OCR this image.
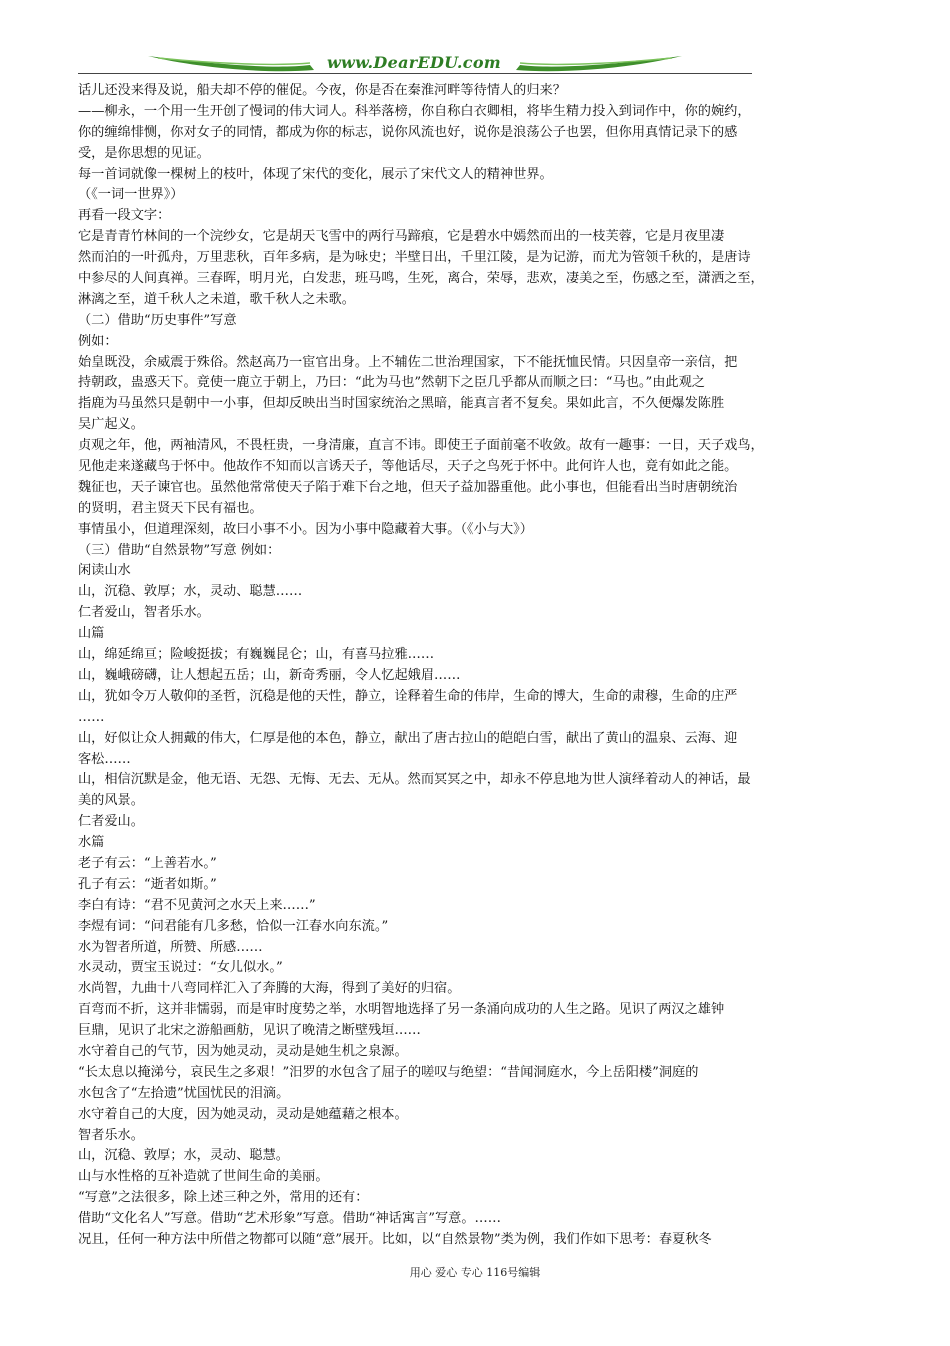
www.DearEDU.com
话儿还没来得及说，船夫却不停的催促。今夜，你是否在秦淮河畔等待情人的归来？
——柳永，一个用一生开创了慢词的伟大词人。科举落榜，你自称白衣卿相，将毕生精力投入到词作中，你的婉约，
你的缠绵悱恻，你对女子的同情，都成为你的标志，说你风流也好，说你是浪荡公子也罢，但你用真情记录下的感
受，是你思想的见证。
每一首词就像一棵树上的枝叶，体现了宋代的变化，展示了宋代文人的精神世界。
（《一词一世界》）
再看一段文字：
它是青青竹林间的一个浣纱女，它是胡天飞雪中的两行马蹄痕，它是碧水中嫣然而出的一枝芙蓉，它是月夜里凄
然而泊的一叶孤舟，万里悲秋，百年多病，是为咏史；半壁日出，千里江陵，是为记游，而尤为管领千秋的，是唐诗
中参尽的人间真禅。三春晖，明月光，白发悲，班马鸣，生死，离合，荣辱，悲欢，凄美之至，伤感之至，潇洒之至，
淋漓之至，道千秋人之未道，歌千秋人之未歌。
（二）借助“历史事件”写意
例如：
始皇既没，余威震于殊俗。然赵高乃一宦官出身。上不辅佐二世治理国家，下不能抚恤民情。只因皇帝一亲信，把
持朝政，蛊惑天下。竟使一鹿立于朝上，乃曰：“此为马也”然朝下之臣几乎都从而顺之曰：“马也。”由此观之
指鹿为马虽然只是朝中一小事，但却反映出当时国家统治之黑暗，能真言者不复矣。果如此言，不久便爆发陈胜
吴广起义。
贞观之年，他，两袖清风，不畏枉贵，一身清廉，直言不讳。即使王子面前毫不收敛。故有一趣事：一日，天子戏鸟，
见他走来遂藏鸟于怀中。他故作不知而以言诱天子，等他话尽，天子之鸟死于怀中。此何许人也，竟有如此之能。
魏征也，天子谏官也。虽然他常常使天子陷于难下台之地，但天子益加器重他。此小事也，但能看出当时唐朝统治
的贤明，君主贤天下民有福也。
事情虽小，但道理深刻，故曰小事不小。因为小事中隐藏着大事。（《小与大》）
（三）借助“自然景物”写意 例如：
闲读山水
山，沉稳、敦厚；水，灵动、聪慧……
仁者爱山，智者乐水。
山篇
山，绵延绵亘；险峻挺拔；有巍巍昆仑；山，有喜马拉雅……
山，巍峨磅礴，让人想起五岳；山，新奇秀丽，令人忆起娥眉……
山，犹如令万人敬仰的圣哲，沉稳是他的天性，静立，诠释着生命的伟岸，生命的博大，生命的肃穆，生命的庄严
……
山，好似让众人拥戴的伟大，仁厚是他的本色，静立，献出了唐古拉山的皑皑白雪，献出了黄山的温泉、云海、迎
客松……
山，相信沉默是金，他无语、无怨、无悔、无去、无从。然而冥冥之中，却永不停息地为世人演绎着动人的神话，最
美的风景。
仁者爱山。
水篇
老子有云：“上善若水。”
孔子有云：“逝者如斯。”
李白有诗：“君不见黄河之水天上来……”
李煜有词：“问君能有几多愁，恰似一江春水向东流。”
水为智者所道，所赞、所感……
水灵动，贾宝玉说过：“女儿似水。”
水尚智，九曲十八弯同样汇入了奔腾的大海，得到了美好的归宿。
百弯而不折，这并非懦弱，而是审时度势之举，水明智地选择了另一条涌向成功的人生之路。见识了两汉之雄钟
巨鼎，见识了北宋之游船画舫，见识了晚清之断壁残垣……
水守着自己的气节，因为她灵动，灵动是她生机之泉源。
“长太息以掩涕兮，哀民生之多艰！”汨罗的水包含了屈子的嗟叹与绝望：“昔闻洞庭水，今上岳阳楼”洞庭的
水包含了“左拾遗”忧国忧民的泪滴。
水守着自己的大度，因为她灵动，灵动是她蕴藉之根本。
智者乐水。
山，沉稳、敦厚；水，灵动、聪慧。
山与水性格的互补造就了世间生命的美丽。
“写意”之法很多，除上述三种之外，常用的还有：
借助“文化名人”写意。借助“艺术形象”写意。借助“神话寓言”写意。……
况且，任何一种方法中所借之物都可以随“意”展开。比如，以“自然景物”类为例，我们作如下思考：春夏秋冬
用心 爱心 专心 116号编辑
